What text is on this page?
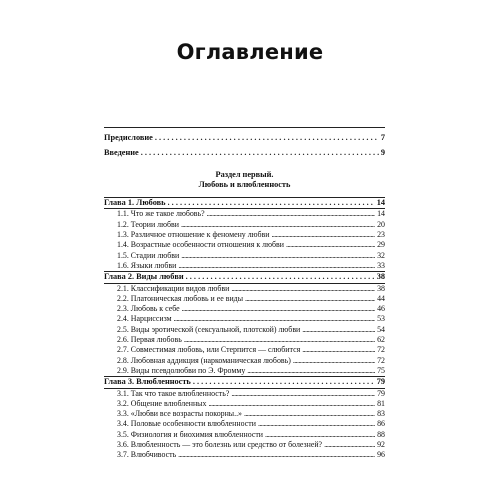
Оглавление
Предисловие . . .	7
Введение . . .	9
Раздел первый.
Любовь и влюбленность
Глава 1. Любовь . . .	14
1.1. Что же такое любовь? .....	14
1.2. Теории любви .....	20
1.3. Различное отношение к феномену любви .....	23
1.4. Возрастные особенности отношения к любви .....	29
1.5. Стадии любви .....	32
1.6. Языки любви .....	33
Глава 2. Виды любви . . .	38
2.1. Классификации видов любви .....	38
2.2. Платоническая любовь и ее виды .....	44
2.3. Любовь к себе .....	46
2.4. Нарциссизм .....	53
2.5. Виды эротической (сексуальной, плотской) любви .....	54
2.6. Первая любовь .....	62
2.7. Совместимая любовь, или Стерпится — слюбится .....	72
2.8. Любовная аддикция (наркоманическая любовь) .....	72
2.9. Виды псевдолюбви по Э. Фромму .....	75
Глава 3. Влюбленность . . .	79
3.1. Так что такое влюбленность? .....	79
3.2. Общение влюбленных .....	81
3.3. «Любви все возрасты покорны..» .....	83
3.4. Половые особенности влюбленности .....	86
3.5. Физиология и биохимия влюбленности .....	88
3.6. Влюбленность — это болезнь или средство от болезней? .....	92
3.7. Влюбчивость .....	96
